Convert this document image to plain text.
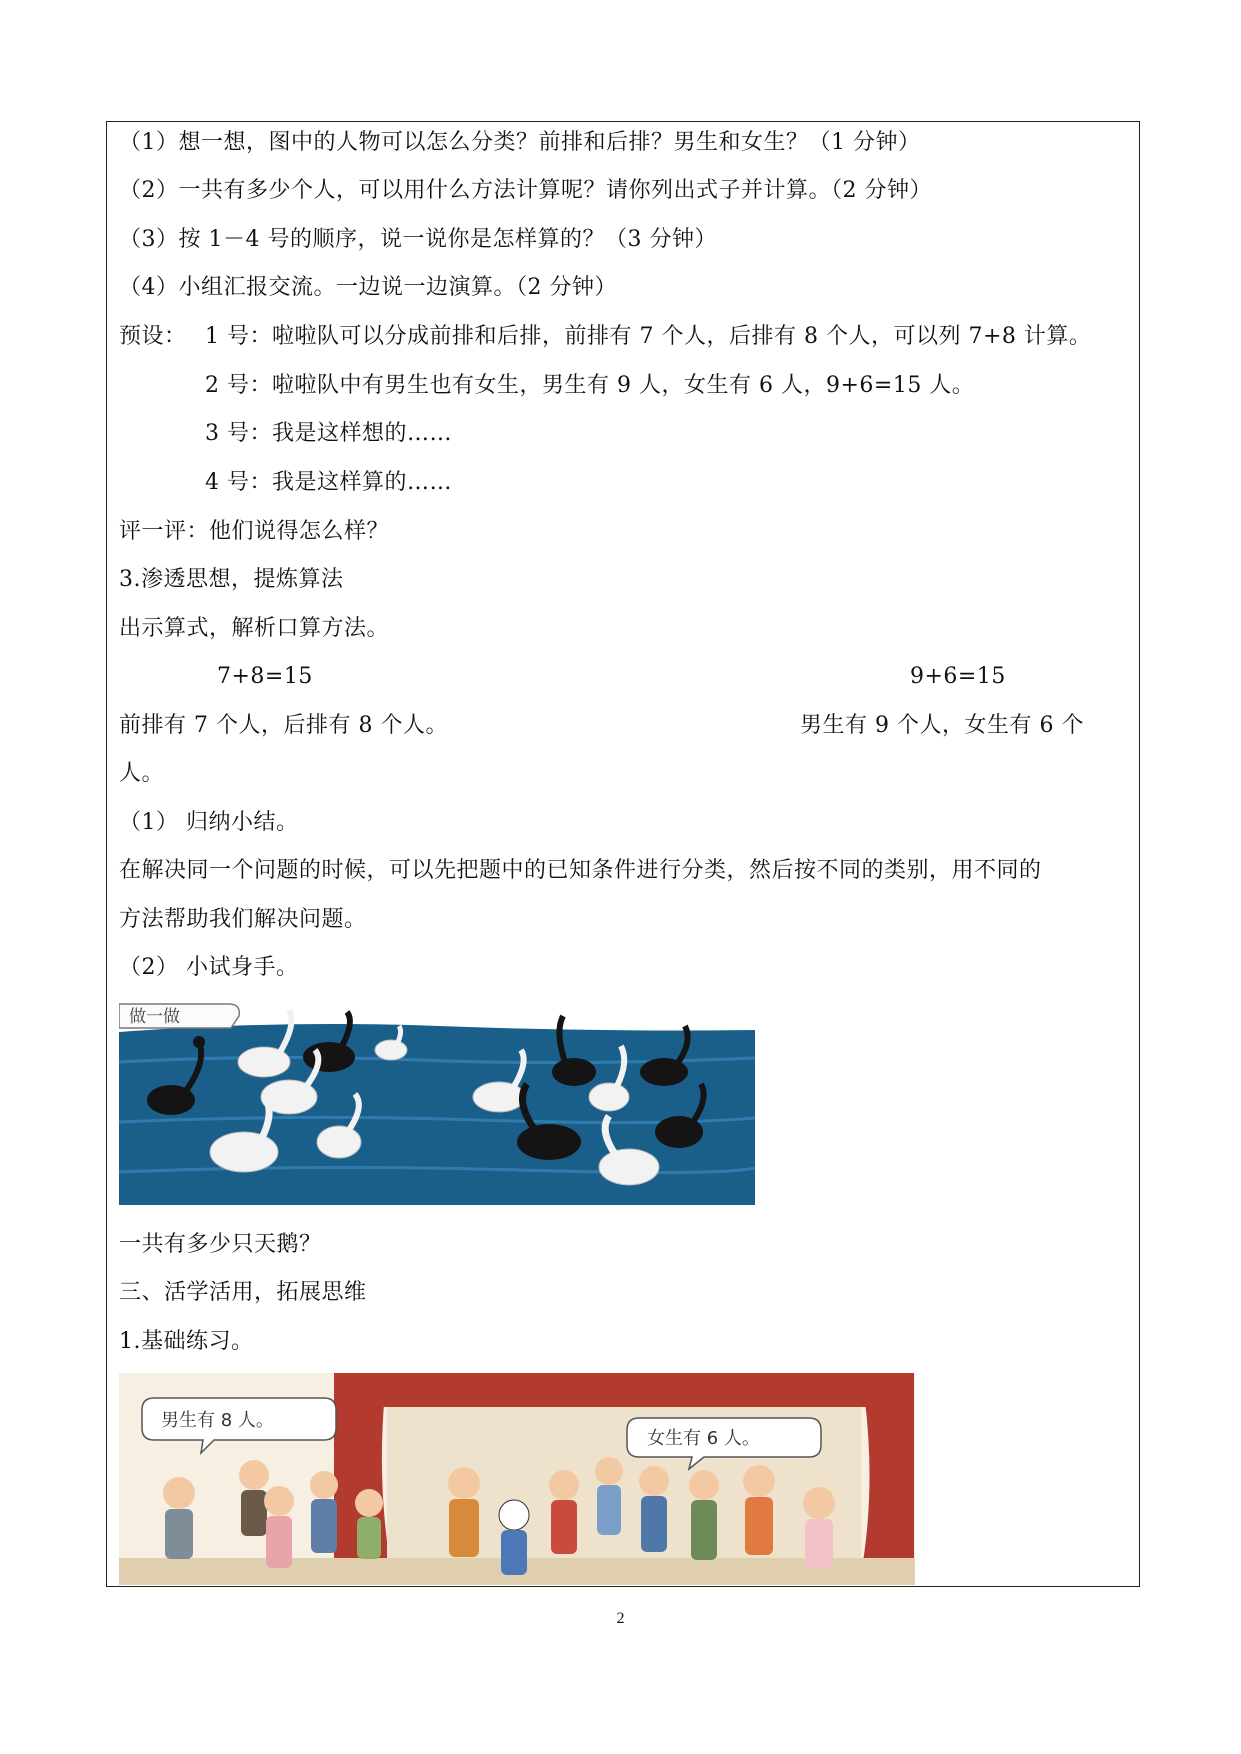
（1）想一想，图中的人物可以怎么分类？前排和后排？男生和女生？（1 分钟）
（2）一共有多少个人，可以用什么方法计算呢？请你列出式子并计算。（2 分钟）
（3）按 1－4 号的顺序，说一说你是怎样算的？（3 分钟）
（4）小组汇报交流。一边说一边演算。（2 分钟）
预设： 1 号：啦啦队可以分成前排和后排，前排有 7 个人，后排有 8 个人，可以列 7+8 计算。
2 号：啦啦队中有男生也有女生，男生有 9 人，女生有 6 人，9+6=15 人。
3 号：我是这样想的……
4 号：我是这样算的……
评一评：他们说得怎么样？
3.渗透思想，提炼算法
出示算式，解析口算方法。
7+8=15	9+6=15
前排有 7 个人，后排有 8 个人。	男生有 9 个人，女生有 6 个
人。
（1） 归纳小结。
在解决同一个问题的时候，可以先把题中的已知条件进行分类，然后按不同的类别，用不同的
方法帮助我们解决问题。
（2） 小试身手。
做一做
一共有多少只天鹅？
三、活学活用，拓展思维
1.基础练习。
男生有 8 人。
女生有 6 人。
2
